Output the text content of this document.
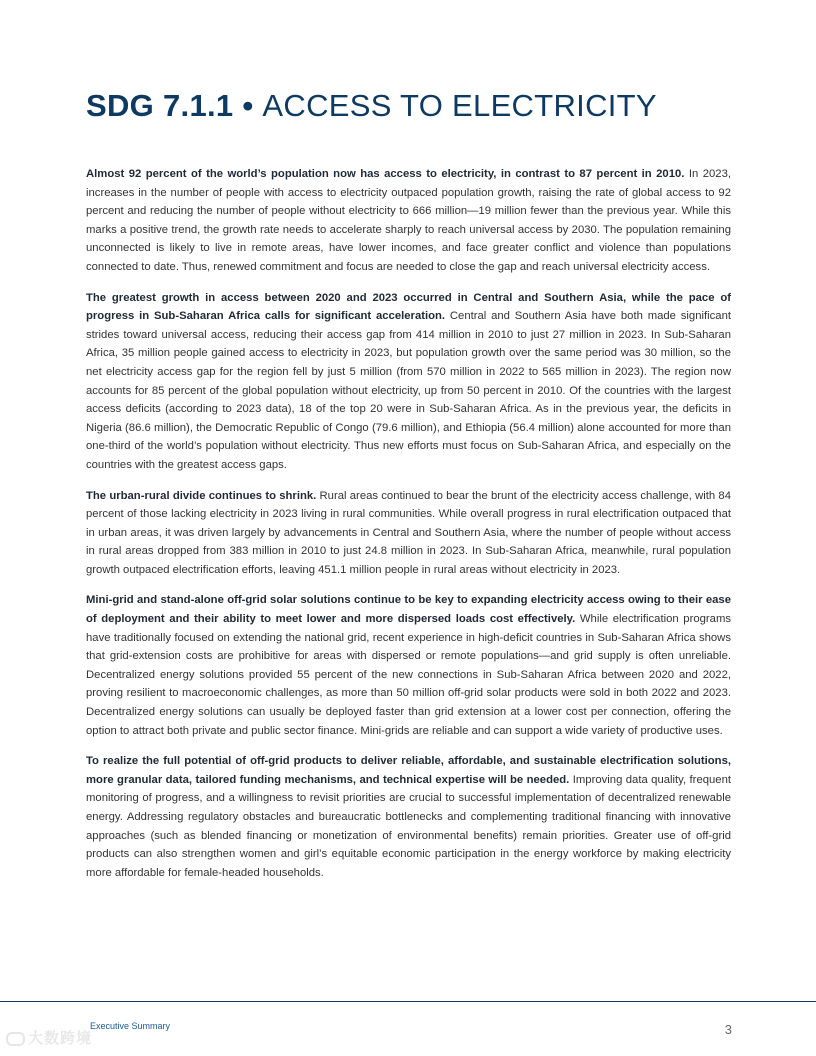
SDG 7.1.1 • ACCESS TO ELECTRICITY

Almost 92 percent of the world’s population now has access to electricity, in contrast to 87 percent in 2010. In 2023, increases in the number of people with access to electricity outpaced population growth, raising the rate of global access to 92 percent and reducing the number of people without electricity to 666 million—19 million fewer than the previous year. While this marks a positive trend, the growth rate needs to accelerate sharply to reach universal access by 2030. The population remaining unconnected is likely to live in remote areas, have lower incomes, and face greater conflict and violence than populations connected to date. Thus, renewed commitment and focus are needed to close the gap and reach universal electricity access.

The greatest growth in access between 2020 and 2023 occurred in Central and Southern Asia, while the pace of progress in Sub-Saharan Africa calls for significant acceleration. Central and Southern Asia have both made significant strides toward universal access, reducing their access gap from 414 million in 2010 to just 27 million in 2023. In Sub-Saharan Africa, 35 million people gained access to electricity in 2023, but population growth over the same period was 30 million, so the net electricity access gap for the region fell by just 5 million (from 570 million in 2022 to 565 million in 2023). The region now accounts for 85 percent of the global population without electricity, up from 50 percent in 2010. Of the countries with the largest access deficits (according to 2023 data), 18 of the top 20 were in Sub-Saharan Africa. As in the previous year, the deficits in Nigeria (86.6 million), the Democratic Republic of Congo (79.6 million), and Ethiopia (56.4 million) alone accounted for more than one-third of the world’s population without electricity. Thus new efforts must focus on Sub-Saharan Africa, and especially on the countries with the greatest access gaps.

The urban-rural divide continues to shrink. Rural areas continued to bear the brunt of the electricity access challenge, with 84 percent of those lacking electricity in 2023 living in rural communities. While overall progress in rural electrification outpaced that in urban areas, it was driven largely by advancements in Central and Southern Asia, where the number of people without access in rural areas dropped from 383 million in 2010 to just 24.8 million in 2023. In Sub-Saharan Africa, meanwhile, rural population growth outpaced electrification efforts, leaving 451.1 million people in rural areas without electricity in 2023.

Mini-grid and stand-alone off-grid solar solutions continue to be key to expanding electricity access owing to their ease of deployment and their ability to meet lower and more dispersed loads cost effectively. While electrification programs have traditionally focused on extending the national grid, recent experience in high-deficit countries in Sub-Saharan Africa shows that grid-extension costs are prohibitive for areas with dispersed or remote populations—and grid supply is often unreliable. Decentralized energy solutions provided 55 percent of the new connections in Sub-Saharan Africa between 2020 and 2022, proving resilient to macroeconomic challenges, as more than 50 million off-grid solar products were sold in both 2022 and 2023. Decentralized energy solutions can usually be deployed faster than grid extension at a lower cost per connection, offering the option to attract both private and public sector finance. Mini-grids are reliable and can support a wide variety of productive uses.

To realize the full potential of off-grid products to deliver reliable, affordable, and sustainable electrification solutions, more granular data, tailored funding mechanisms, and technical expertise will be needed. Improving data quality, frequent monitoring of progress, and a willingness to revisit priorities are crucial to successful implementation of decentralized renewable energy. Addressing regulatory obstacles and bureaucratic bottlenecks and complementing traditional financing with innovative approaches (such as blended financing or monetization of environmental benefits) remain priorities. Greater use of off-grid products can also strengthen women and girl’s equitable economic participation in the energy workforce by making electricity more affordable for female-headed households.

Executive Summary	3
大数跨境
